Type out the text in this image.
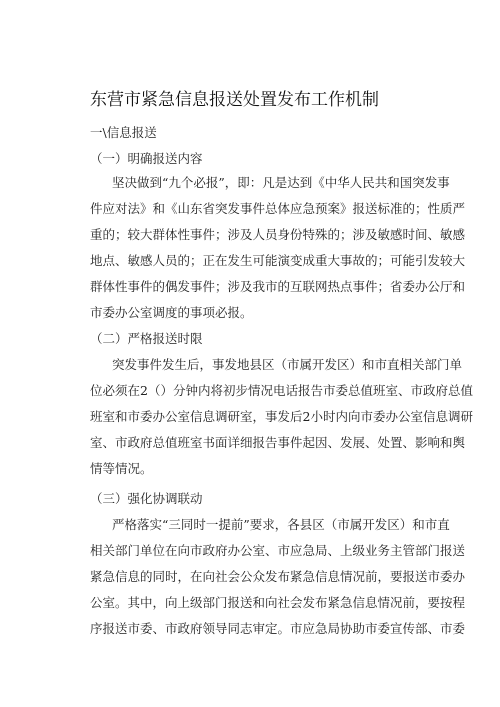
东营市紧急信息报送处置发布工作机制
一\信息报送
（一）明确报送内容
坚决做到“九个必报”，即：凡是达到《中华人民共和国突发事
件应对法》和《山东省突发事件总体应急预案》报送标准的；性质严
重的；较大群体性事件；涉及人员身份特殊的；涉及敏感时间、敏感
地点、敏感人员的；正在发生可能演变成重大事故的；可能引发较大
群体性事件的偶发事件；涉及我市的互联网热点事件；省委办公厅和
市委办公室调度的事项必报。
（二）严格报送时限
突发事件发生后，事发地县区（市属开发区）和市直相关部门单
位必须在2（）分钟内将初步情况电话报告市委总值班室、市政府总值
班室和市委办公室信息调研室，事发后2小时内向市委办公室信息调研
室、市政府总值班室书面详细报告事件起因、发展、处置、影响和舆
情等情况。
（三）强化协调联动
严格落实“三同时一提前”要求，各县区（市属开发区）和市直
相关部门单位在向市政府办公室、市应急局、上级业务主管部门报送
紧急信息的同时，在向社会公众发布紧急信息情况前，要报送市委办
公室。其中，向上级部门报送和向社会发布紧急信息情况前，要按程
序报送市委、市政府领导同志审定。市应急局协助市委宣传部、市委
